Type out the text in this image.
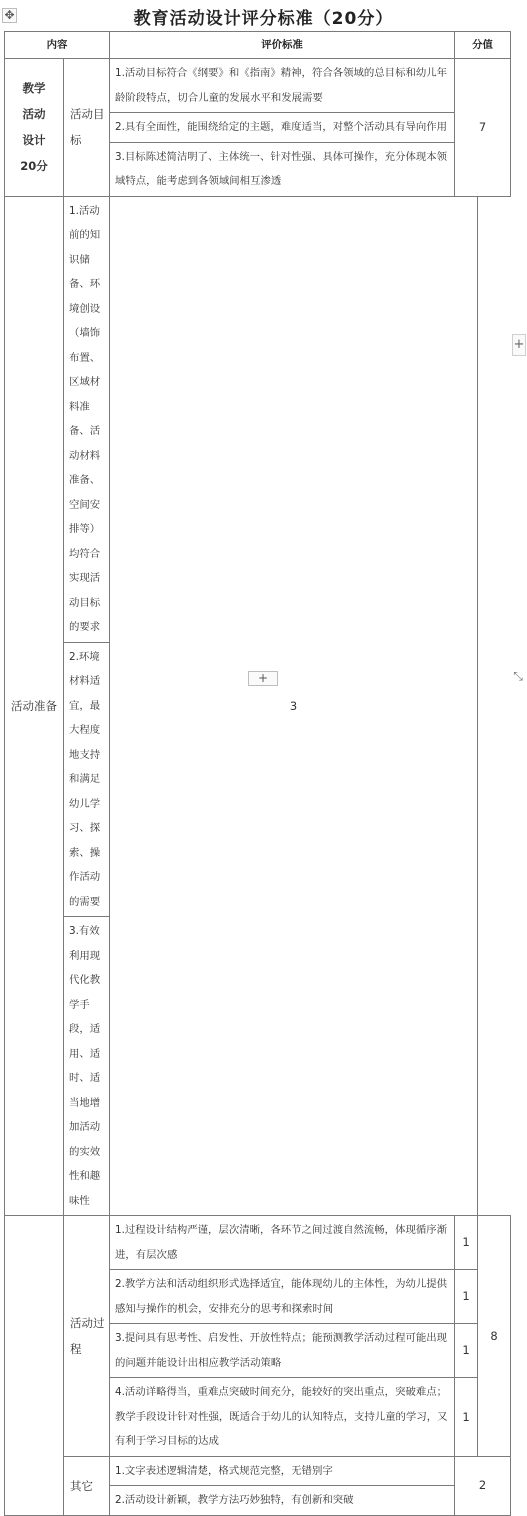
✥	教育活动设计评分标准（20分）
内容		评价标准	分值	
教学
活动
设计
20分	活动目标	1.活动目标符合《纲要》和《指南》精神，符合各领域的总目标和幼儿年龄阶段特点，切合儿童的发展水平和发展需要	7	
		2.具有全面性，能围绕给定的主题，难度适当，对整个活动具有导向作用		
		3.目标陈述简洁明了、主体统一、针对性强、具体可操作，充分体现本领域特点，能考虑到各领域间相互渗透		
活动准备	1.活动前的知识储备、环境创设（墙饰布置、区域材料准备、活动材料准备、空间安排等）均符合实现活动目标的要求	3		
	2.环境材料适宜，最大程度地支持和满足幼儿学习、探索、操作活动的需要			
	3.有效利用现代化教学手段，适用、适时、适当地增加活动的实效性和趣味性			
	活动过程	1.过程设计结构严谨，层次清晰，各环节之间过渡自然流畅，体现循序渐进，有层次感	1	8
		2.教学方法和活动组织形式选择适宜，能体现幼儿的主体性，为幼儿提供感知与操作的机会，安排充分的思考和探索时间	1	
		3.提问具有思考性、启发性、开放性特点；能预测教学活动过程可能出现的问题并能设计出相应教学活动策略	1	
		4.活动详略得当，重难点突破时间充分，能较好的突出重点，突破难点；教学手段设计针对性强，既适合于幼儿的认知特点，支持儿童的学习，又有利于学习目标的达成	1	
	其它	1.文字表述逻辑清楚，格式规范完整，无错别字	2	
		2.活动设计新颖，教学方法巧妙独特，有创新和突破		
+
+	⤡
